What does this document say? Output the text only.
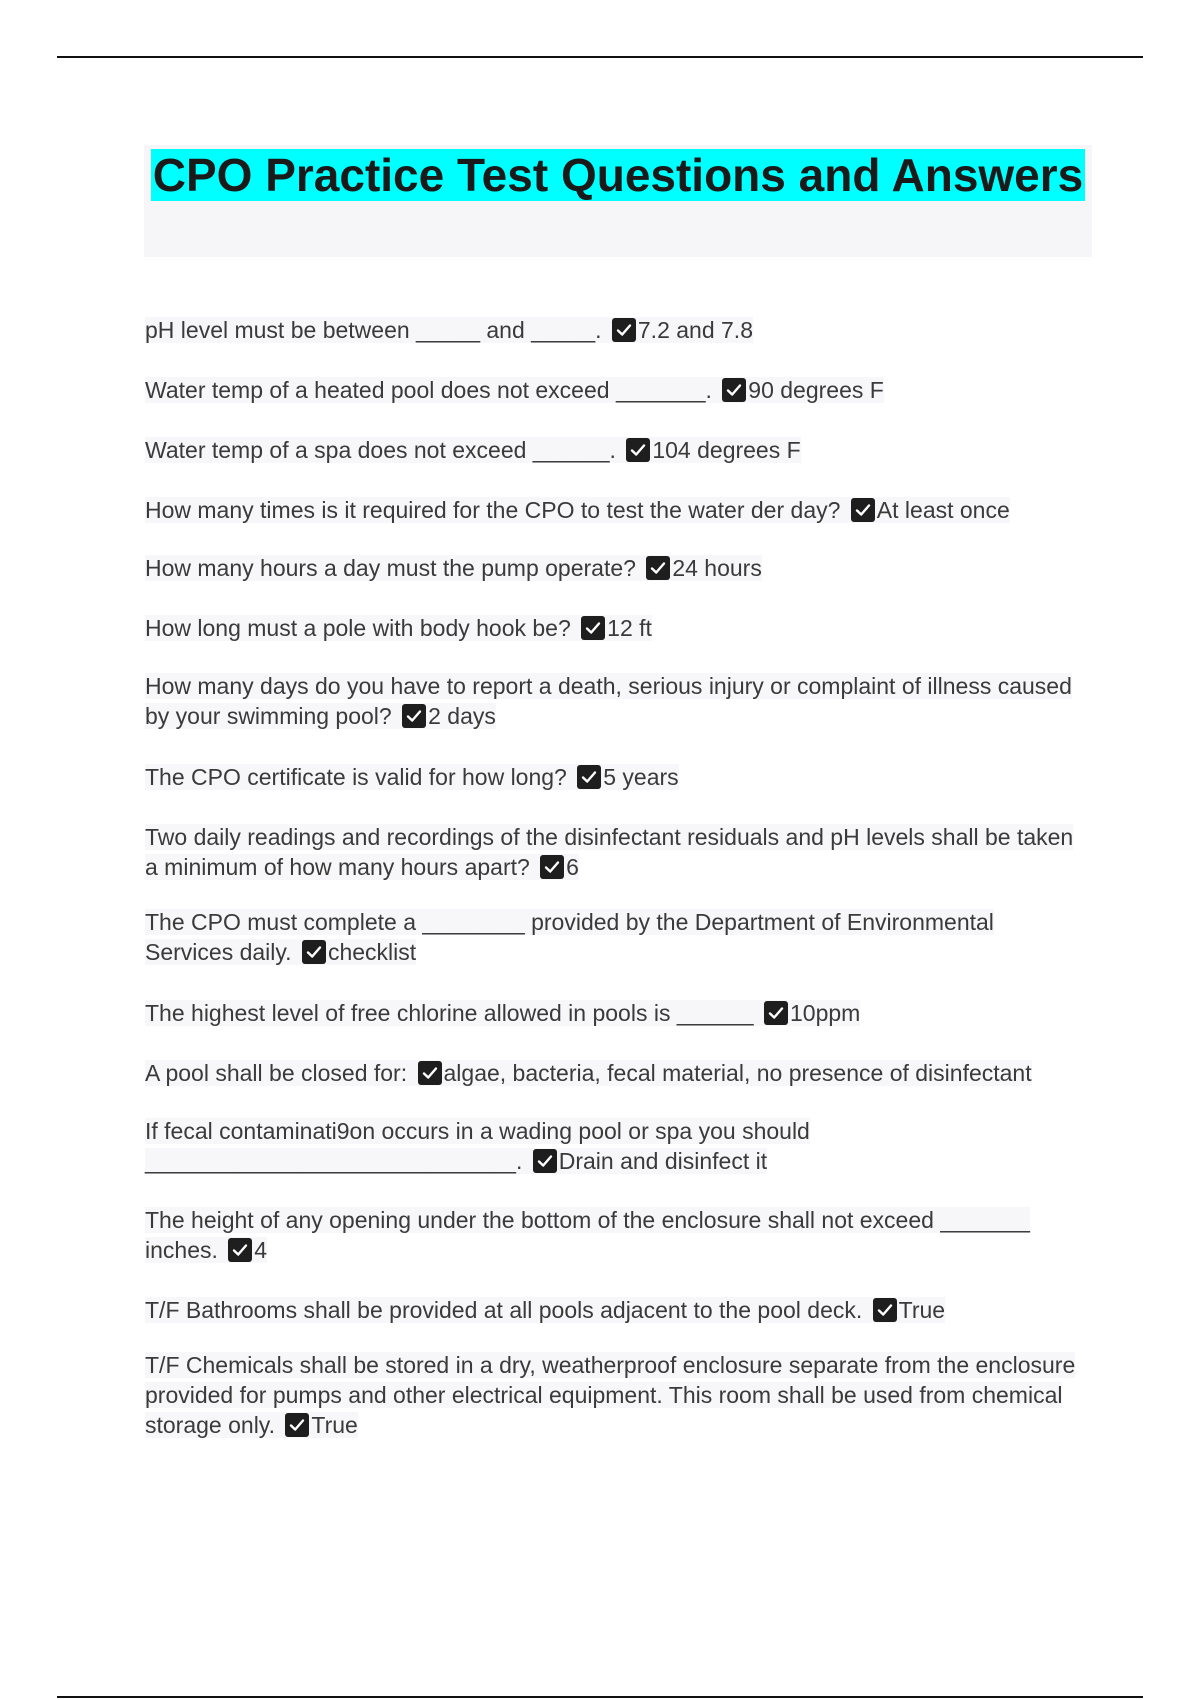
CPO Practice Test Questions and Answers

pH level must be between _____ and _____. 7.2 and 7.8

Water temp of a heated pool does not exceed _______. 90 degrees F

Water temp of a spa does not exceed ______. 104 degrees F

How many times is it required for the CPO to test the water der day? At least once

How many hours a day must the pump operate? 24 hours

How long must a pole with body hook be? 12 ft

How many days do you have to report a death, serious injury or complaint of illness caused by your swimming pool? 2 days

The CPO certificate is valid for how long? 5 years

Two daily readings and recordings of the disinfectant residuals and pH levels shall be taken a minimum of how many hours apart? 6

The CPO must complete a ________ provided by the Department of Environmental Services daily. checklist

The highest level of free chlorine allowed in pools is ______ 10ppm

A pool shall be closed for: algae, bacteria, fecal material, no presence of disinfectant

If fecal contaminati9on occurs in a wading pool or spa you should _____________________________. Drain and disinfect it

The height of any opening under the bottom of the enclosure shall not exceed _______ inches. 4

T/F Bathrooms shall be provided at all pools adjacent to the pool deck. True

T/F Chemicals shall be stored in a dry, weatherproof enclosure separate from the enclosure provided for pumps and other electrical equipment. This room shall be used from chemical storage only. True
